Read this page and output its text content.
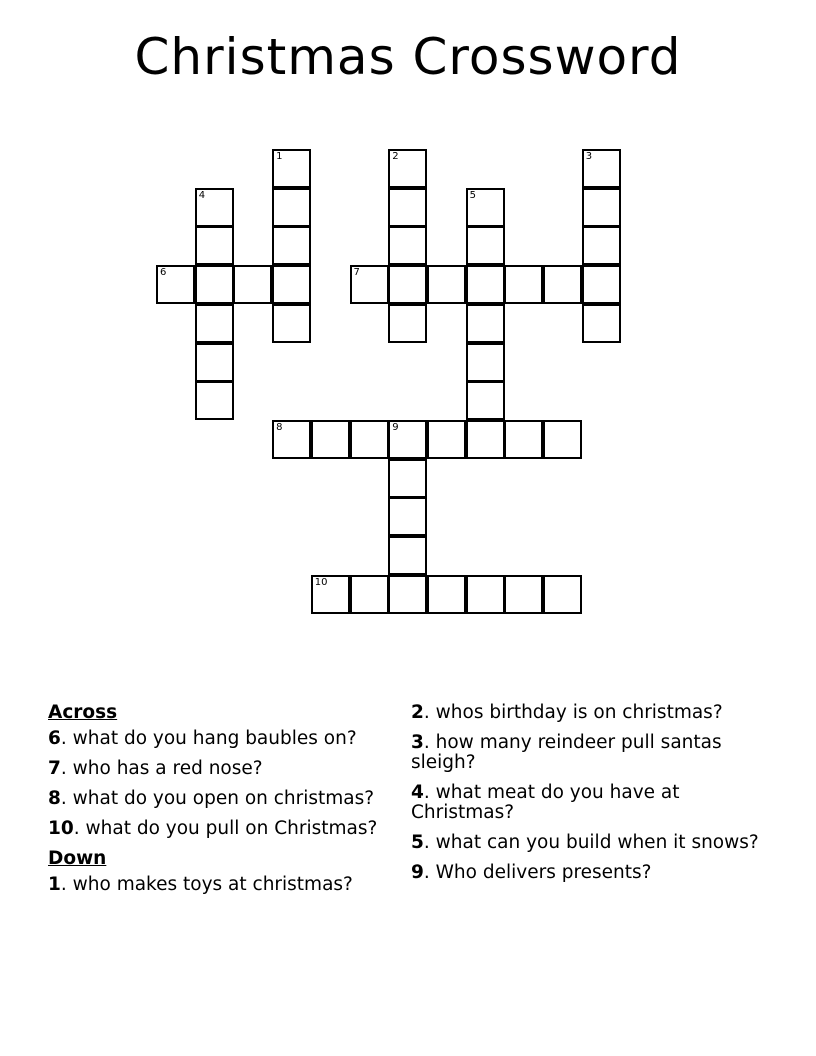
Christmas Crossword
1	2	3
4	5
6	7
8	9
10
Across
6. what do you hang baubles on?
7. who has a red nose?
8. what do you open on christmas?
10. what do you pull on Christmas?
Down
1. who makes toys at christmas?
2. whos birthday is on christmas?
3. how many reindeer pull santas sleigh?
4. what meat do you have at Christmas?
5. what can you build when it snows?
9. Who delivers presents?
